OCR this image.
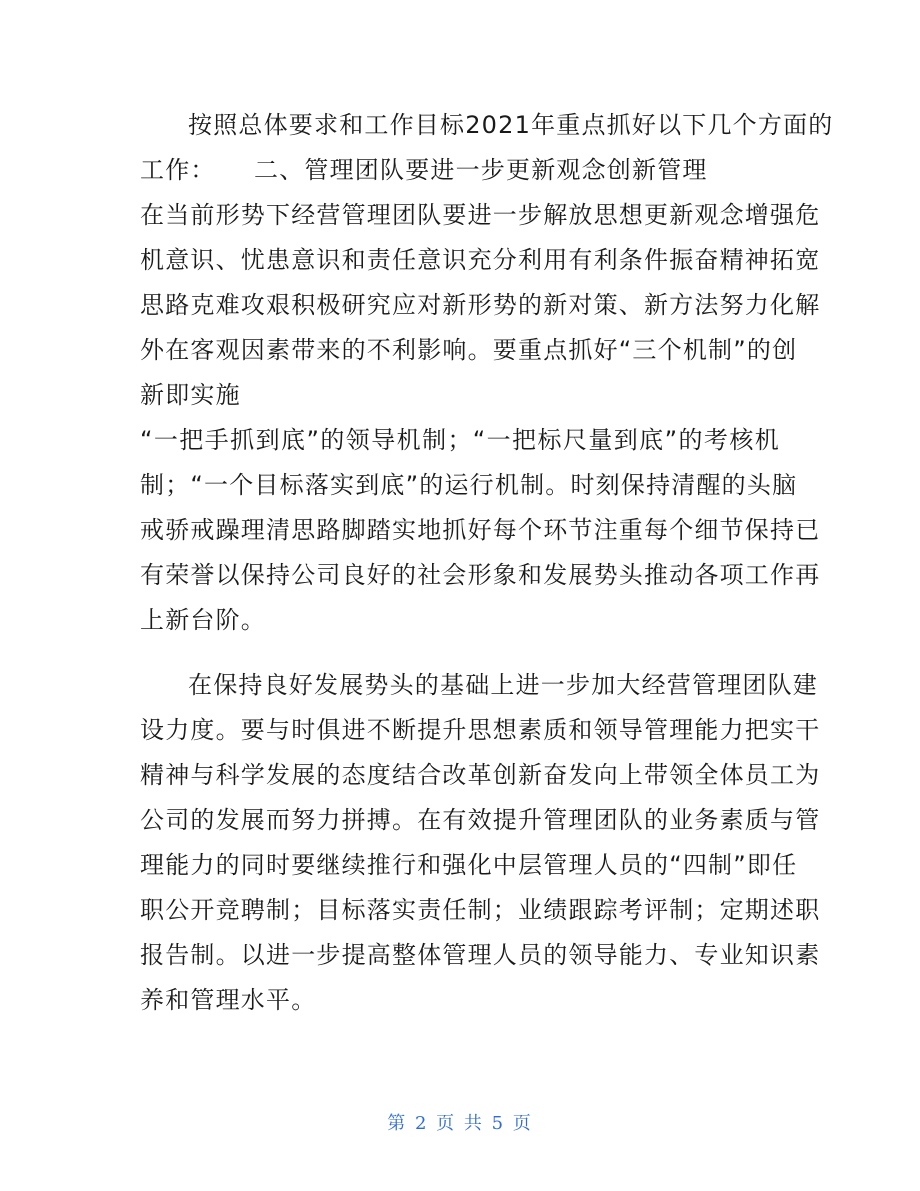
按照总体要求和工作目标2021年重点抓好以下几个方面的
工作：　　二、管理团队要进一步更新观念创新管理
在当前形势下经营管理团队要进一步解放思想更新观念增强危
机意识、忧患意识和责任意识充分利用有利条件振奋精神拓宽
思路克难攻艰积极研究应对新形势的新对策、新方法努力化解
外在客观因素带来的不利影响。要重点抓好“三个机制”的创
新即实施
“一把手抓到底”的领导机制；“一把标尺量到底”的考核机
制；“一个目标落实到底”的运行机制。时刻保持清醒的头脑
戒骄戒躁理清思路脚踏实地抓好每个环节注重每个细节保持已
有荣誉以保持公司良好的社会形象和发展势头推动各项工作再
上新台阶。
在保持良好发展势头的基础上进一步加大经营管理团队建
设力度。要与时俱进不断提升思想素质和领导管理能力把实干
精神与科学发展的态度结合改革创新奋发向上带领全体员工为
公司的发展而努力拼搏。在有效提升管理团队的业务素质与管
理能力的同时要继续推行和强化中层管理人员的“四制”即任
职公开竞聘制；目标落实责任制；业绩跟踪考评制；定期述职
报告制。以进一步提高整体管理人员的领导能力、专业知识素
养和管理水平。
第 2 页 共 5 页
